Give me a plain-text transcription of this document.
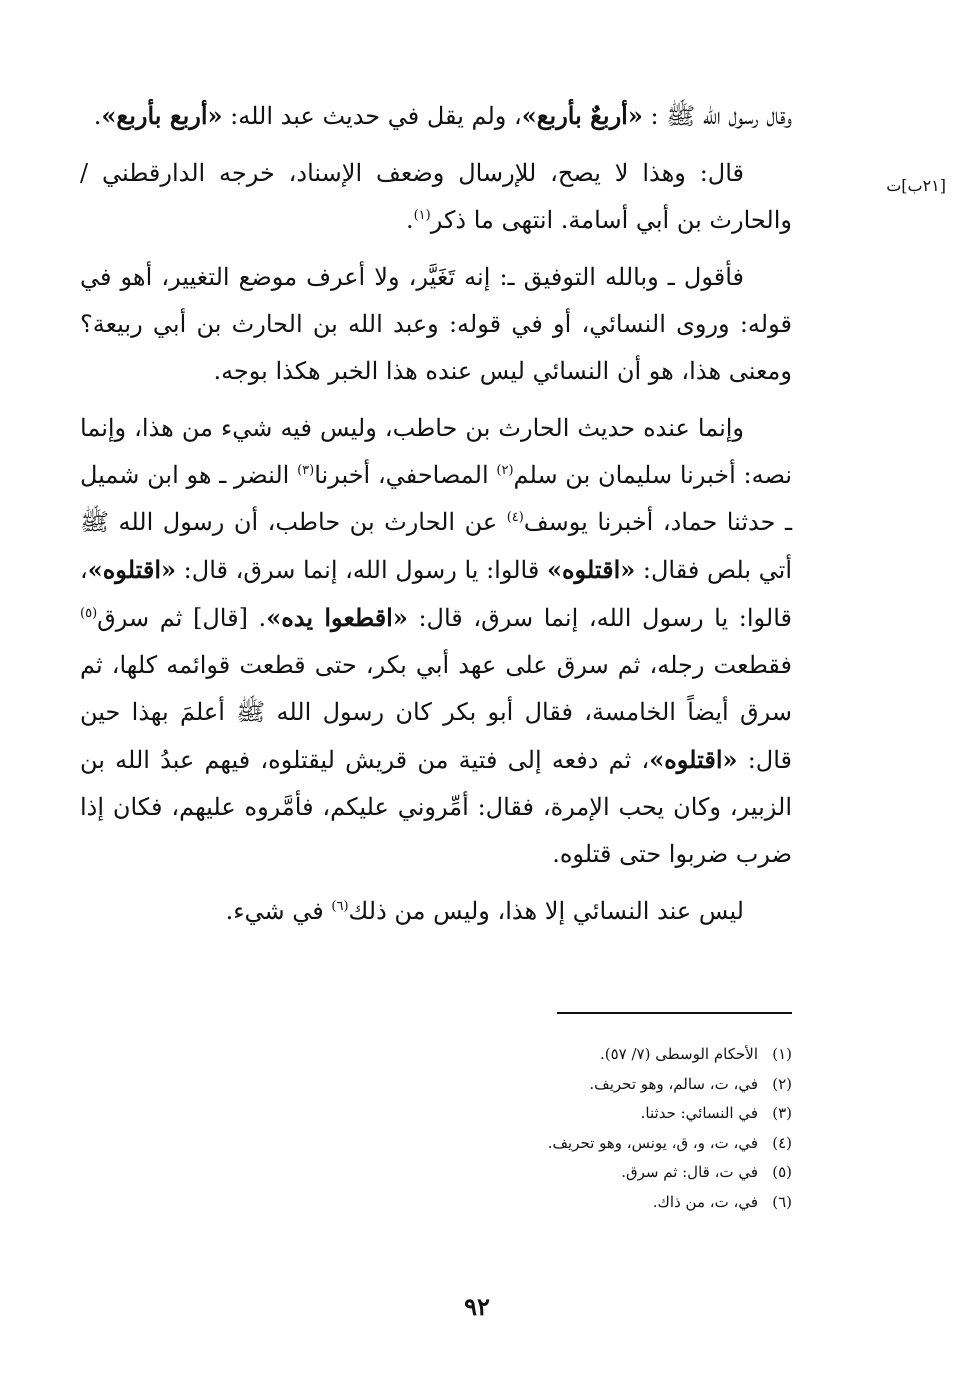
[٢١ب]ت

وقال رسول الله ﷺ : «أربعٌ بأربع»، ولم يقل في حديث عبد الله: «أربع بأربع».

قال: وهذا لا يصح، للإرسال وضعف الإسناد، خرجه الدارقطني / والحارث بن أبي أسامة. انتهى ما ذكر$^{(١)}$.

فأقول ـ وبالله التوفيق ـ: إنه تَغَيَّر، ولا أعرف موضع التغيير، أهو في قوله: وروى النسائي، أو في قوله: وعبد الله بن الحارث بن أبي ربيعة؟ ومعنى هذا، هو أن النسائي ليس عنده هذا الخبر هكذا بوجه.

وإنما عنده حديث الحارث بن حاطب، وليس فيه شيء من هذا، وإنما نصه: أخبرنا سليمان بن سلم$^{(٢)}$ المصاحفي، أخبرنا$^{(٣)}$ النضر ـ هو ابن شميل ـ حدثنا حماد، أخبرنا يوسف$^{(٤)}$ عن الحارث بن حاطب، أن رسول الله ﷺ أتي بلص فقال: «اقتلوه» قالوا: يا رسول الله، إنما سرق، قال: «اقتلوه»، قالوا: يا رسول الله، إنما سرق، قال: «اقطعوا يده». [قال] ثم سرق$^{(٥)}$ فقطعت رجله، ثم سرق على عهد أبي بكر، حتى قطعت قوائمه كلها، ثم سرق أيضاً الخامسة، فقال أبو بكر كان رسول الله ﷺ أعلمَ بهذا حين قال: «اقتلوه»، ثم دفعه إلى فتية من قريش ليقتلوه، فيهم عبدُ الله بن الزبير، وكان يحب الإمرة، فقال: أمِّروني عليكم، فأمَّروه عليهم، فكان إذا ضرب ضربوا حتى قتلوه.

ليس عند النسائي إلا هذا، وليس من ذلك$^{(٦)}$ في شيء.

(١)الأحكام الوسطى (٧/ ٥٧).
(٢)في، ت، سالم، وهو تحريف.
(٣)في النسائي: حدثنا.
(٤)في، ت، و، ق، يونس، وهو تحريف.
(٥)في ت، قال: ثم سرق.
(٦)في، ت، من ذاك.
٩٢
